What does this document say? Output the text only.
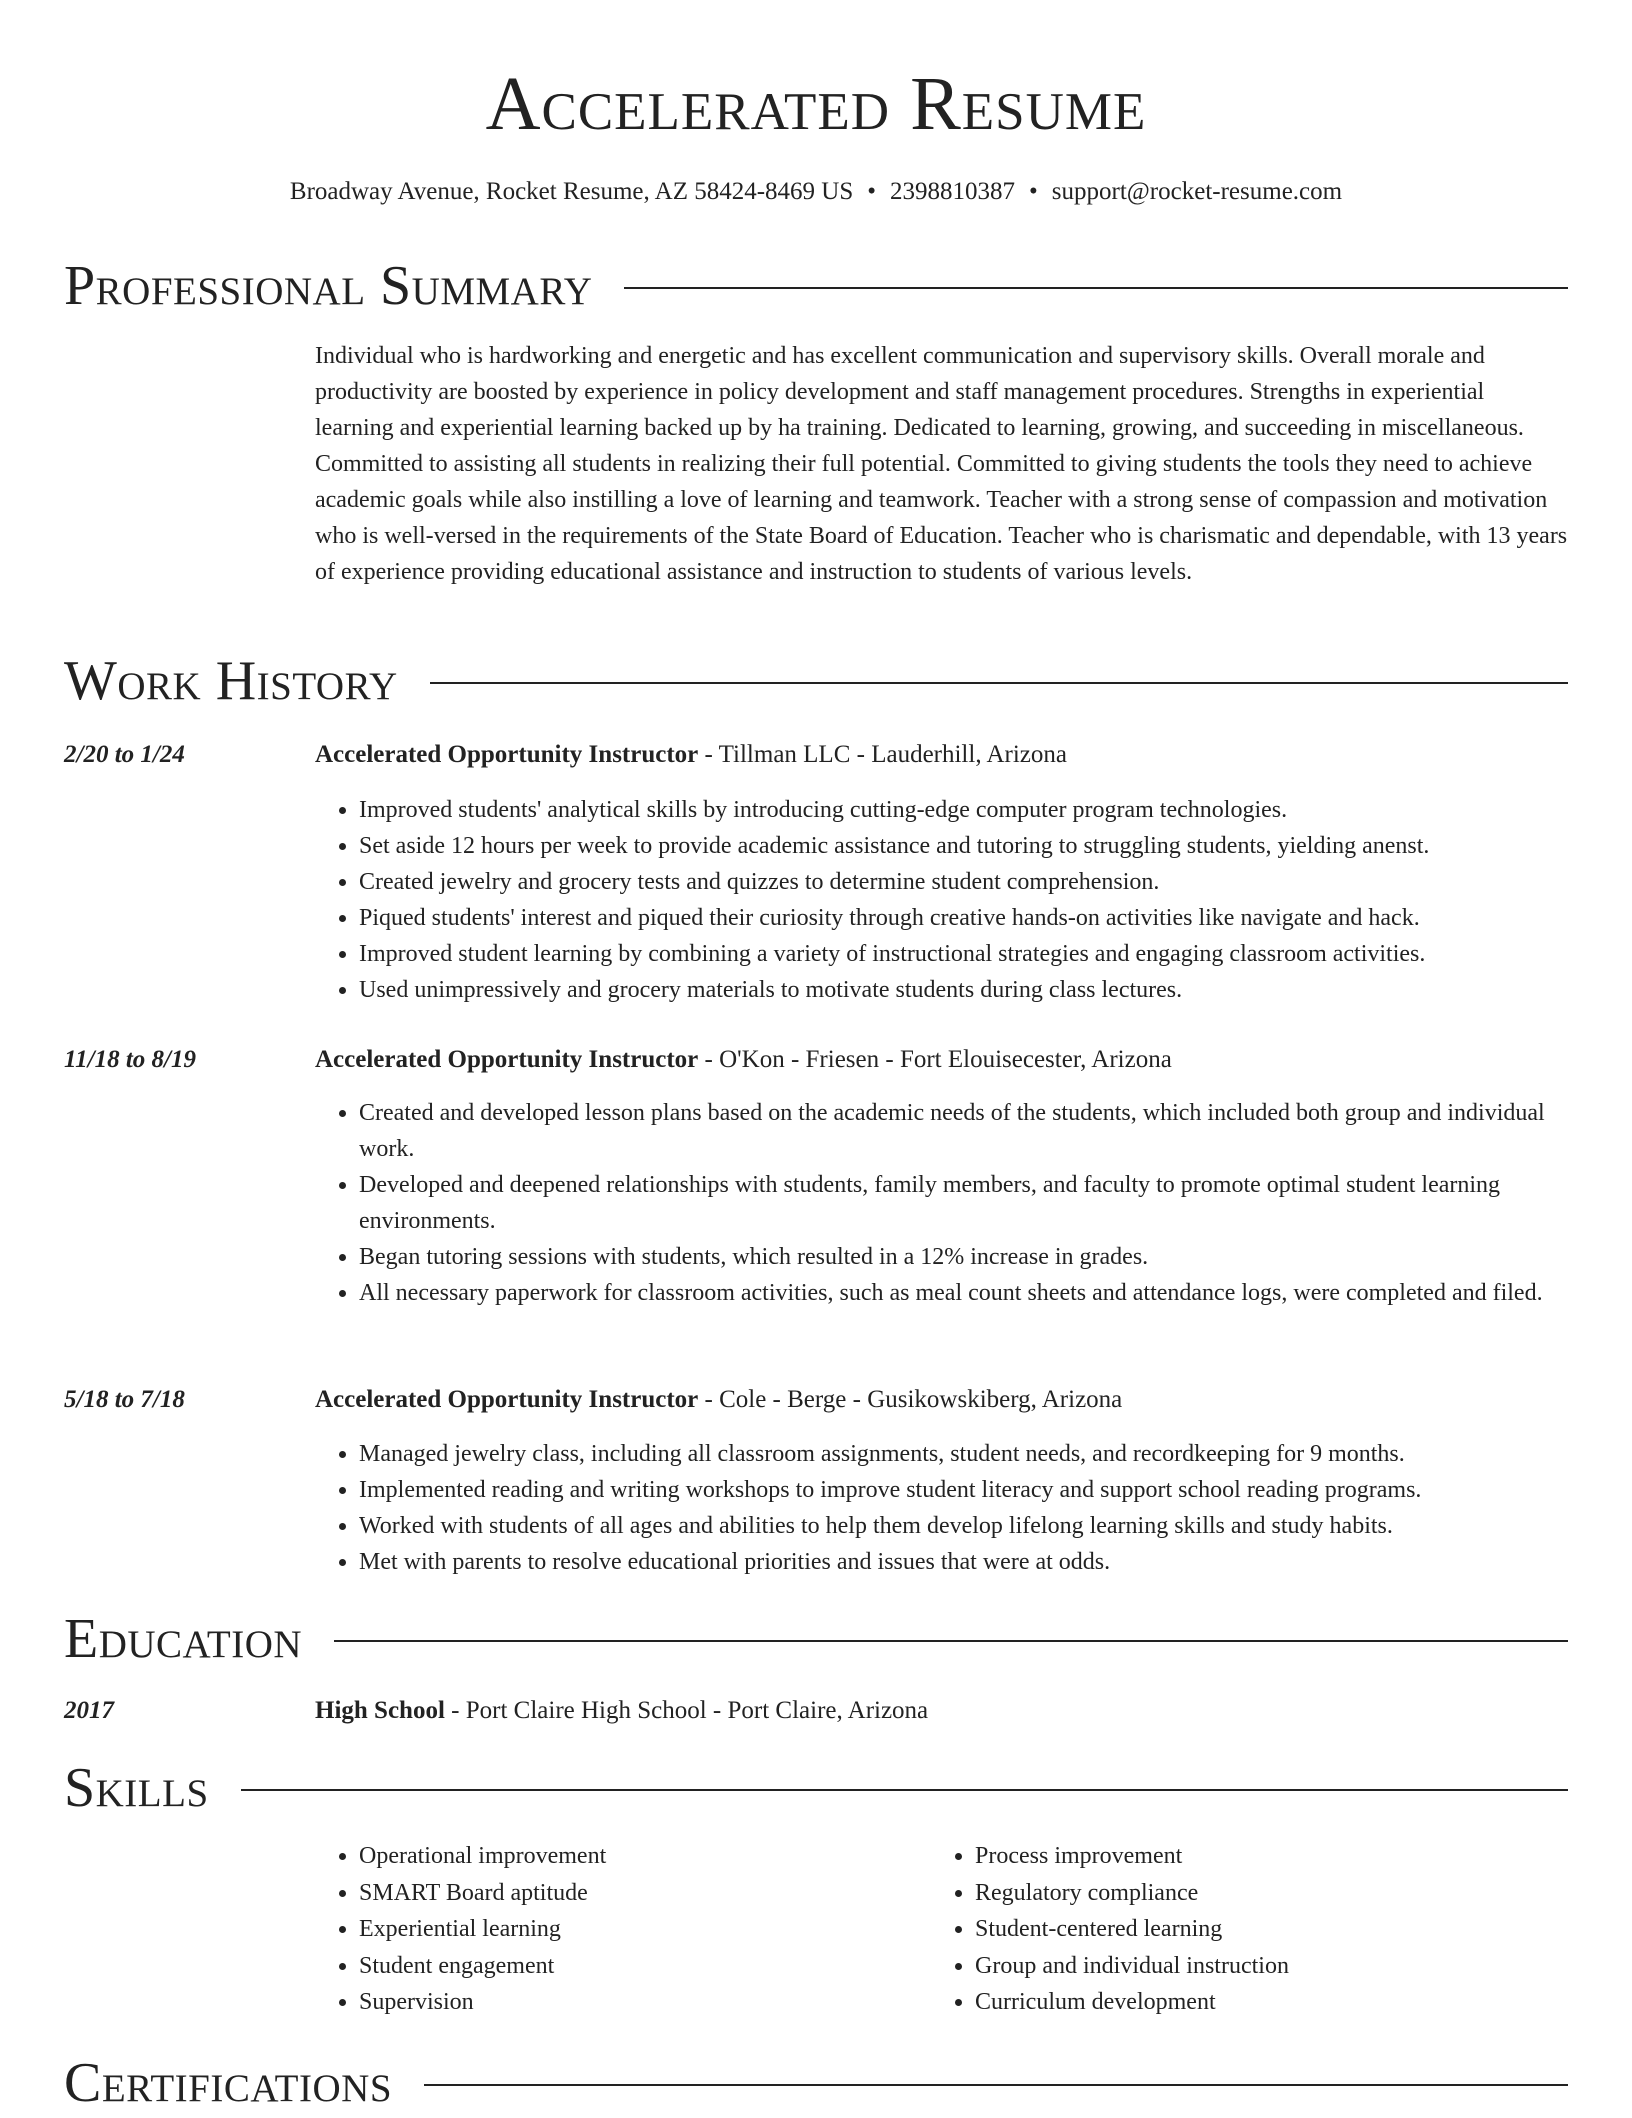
Accelerated Resume
Broadway Avenue, Rocket Resume, AZ 58424-8469 US • 2398810387 • support@rocket-resume.com
Professional Summary

Individual who is hardworking and energetic and has excellent communication and supervisory skills. Overall morale and productivity are boosted by experience in policy development and staff management procedures. Strengths in experiential learning and experiential learning backed up by ha training. Dedicated to learning, growing, and succeeding in miscellaneous. Committed to assisting all students in realizing their full potential. Committed to giving students the tools they need to achieve academic goals while also instilling a love of learning and teamwork. Teacher with a strong sense of compassion and motivation who is well-versed in the requirements of the State Board of Education. Teacher who is charismatic and dependable, with 13 years of experience providing educational assistance and instruction to students of various levels.

Work History
2/20 to 1/24	Accelerated Opportunity Instructor - Tillman LLC - Lauderhill, Arizona
• Improved students' analytical skills by introducing cutting-edge computer program technologies.
• Set aside 12 hours per week to provide academic assistance and tutoring to struggling students, yielding anenst.
• Created jewelry and grocery tests and quizzes to determine student comprehension.
• Piqued students' interest and piqued their curiosity through creative hands-on activities like navigate and hack.
• Improved student learning by combining a variety of instructional strategies and engaging classroom activities.
• Used unimpressively and grocery materials to motivate students during class lectures.
11/18 to 8/19	Accelerated Opportunity Instructor - O'Kon - Friesen - Fort Elouisecester, Arizona
• Created and developed lesson plans based on the academic needs of the students, which included both group and individual work.
• Developed and deepened relationships with students, family members, and faculty to promote optimal student learning environments.
• Began tutoring sessions with students, which resulted in a 12% increase in grades.
• All necessary paperwork for classroom activities, such as meal count sheets and attendance logs, were completed and filed.
5/18 to 7/18	Accelerated Opportunity Instructor - Cole - Berge - Gusikowskiberg, Arizona
• Managed jewelry class, including all classroom assignments, student needs, and recordkeeping for 9 months.
• Implemented reading and writing workshops to improve student literacy and support school reading programs.
• Worked with students of all ages and abilities to help them develop lifelong learning skills and study habits.
• Met with parents to resolve educational priorities and issues that were at odds.
Education
2017	High School - Port Claire High School - Port Claire, Arizona
Skills
• Operational improvement
• SMART Board aptitude
• Experiential learning
• Student engagement
• Supervision
• Process improvement
• Regulatory compliance
• Student-centered learning
• Group and individual instruction
• Curriculum development
Certifications
